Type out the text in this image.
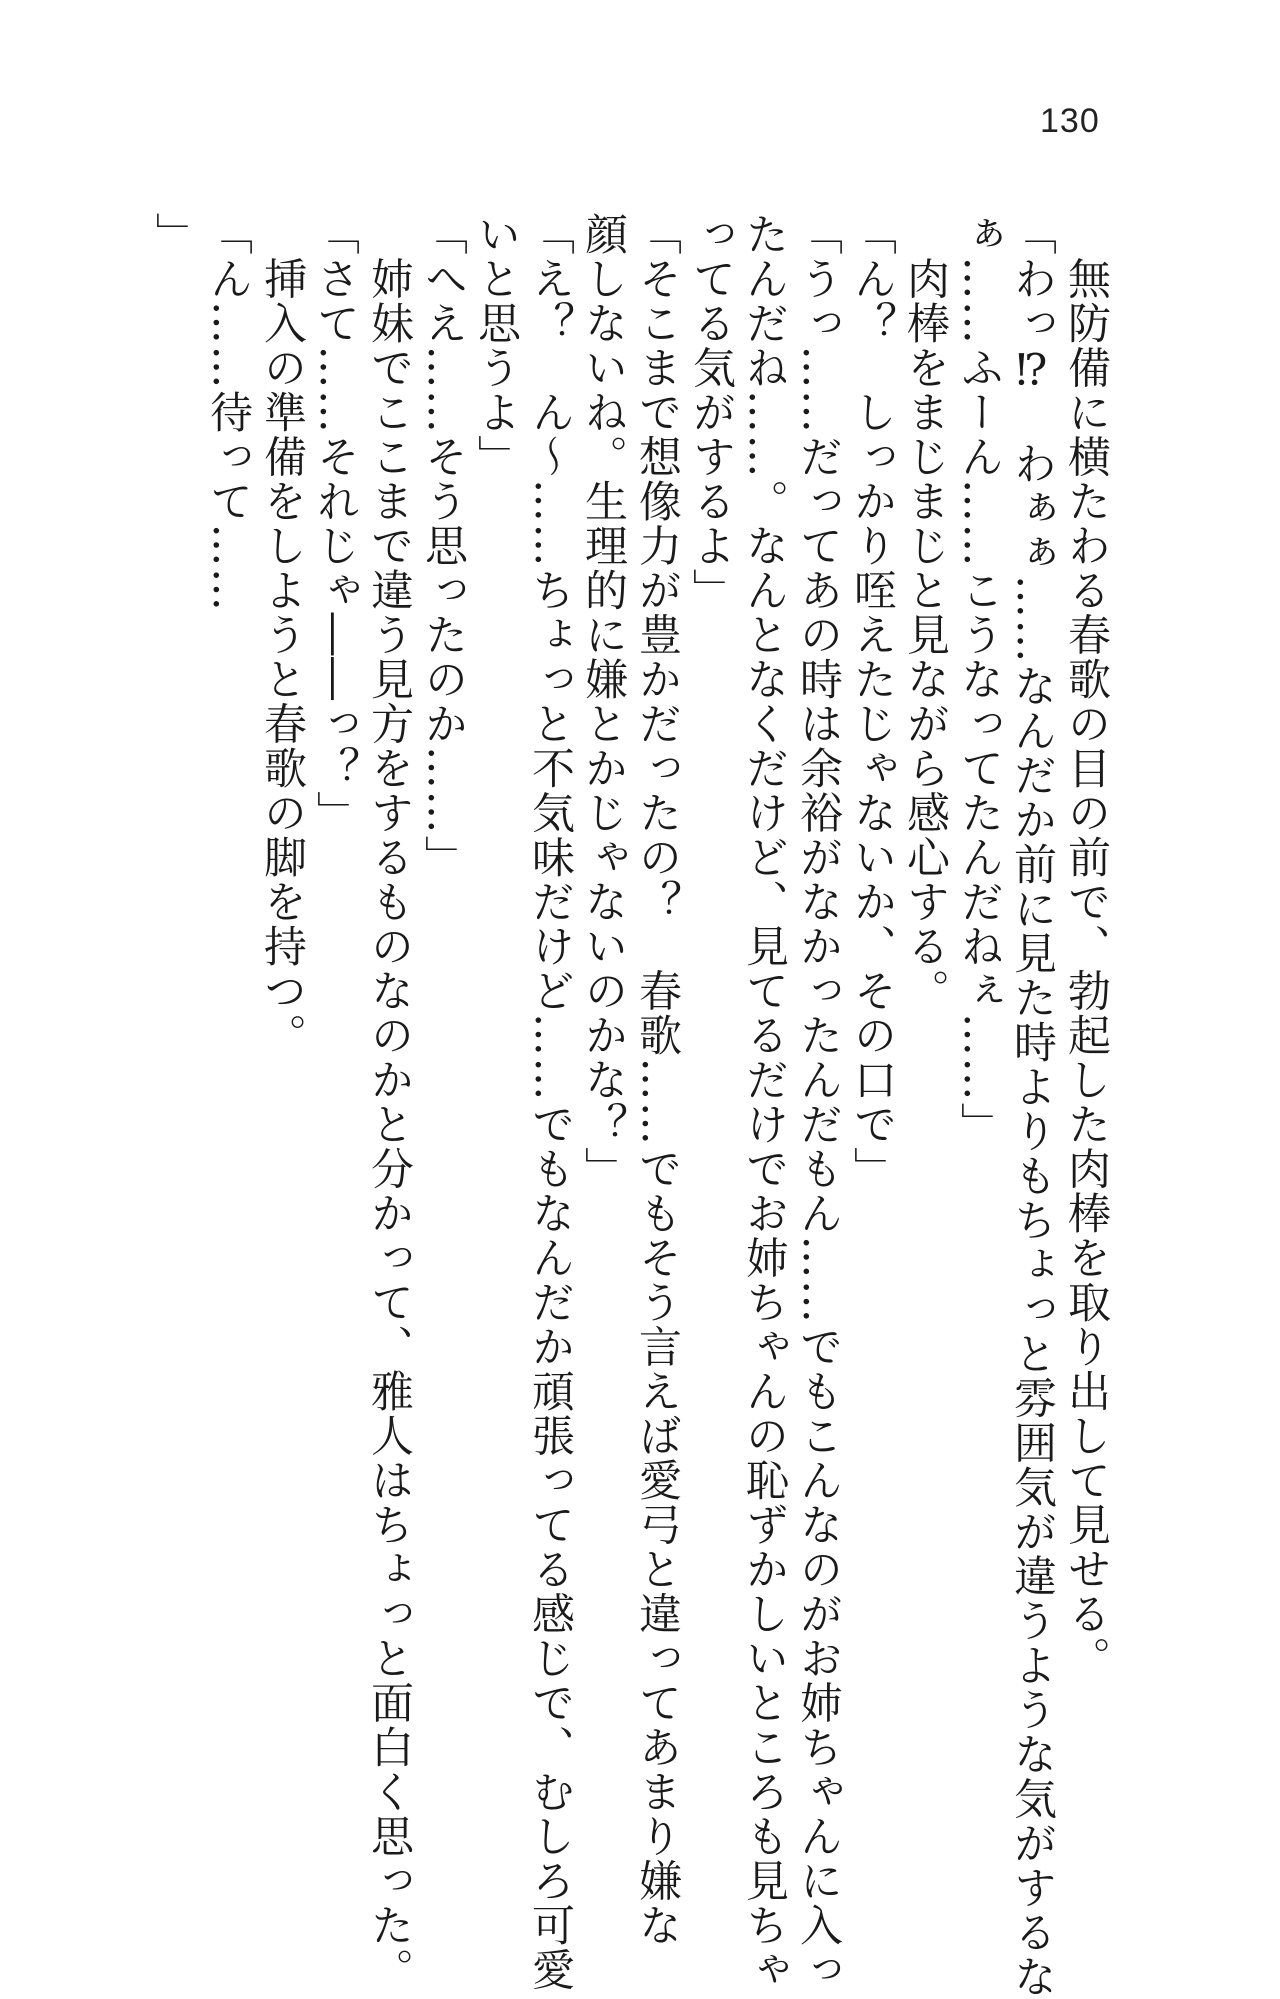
130
　無防備に横たわる春歌の目の前で、勃起した肉棒を取り出して見せる。
「わっ⁉　わぁぁ……なんだか前に見た時よりもちょっと雰囲気が違うような気がするな
ぁ……ふーん……こうなってたんだねぇ……」
　肉棒をまじまじと見ながら感心する。
「ん？　しっかり咥えたじゃないか、その口で」
「うっ……だってあの時は余裕がなかったんだもん……でもこんなのがお姉ちゃんに入っ
たんだね……。なんとなくだけど、見てるだけでお姉ちゃんの恥ずかしいところも見ちゃ
ってる気がするよ」
「そこまで想像力が豊かだったの？　春歌……でもそう言えば愛弓と違ってあまり嫌な
顔しないね。生理的に嫌とかじゃないのかな？」
「え？　ん～……ちょっと不気味だけど……でもなんだか頑張ってる感じで、むしろ可愛
いと思うよ」
「へえ……そう思ったのか……」
　姉妹でここまで違う見方をするものなのかと分かって、雅人はちょっと面白く思った。
「さて……それじゃ――っ？」
　挿入の準備をしようと春歌の脚を持つ。
「ん……待って……
」
